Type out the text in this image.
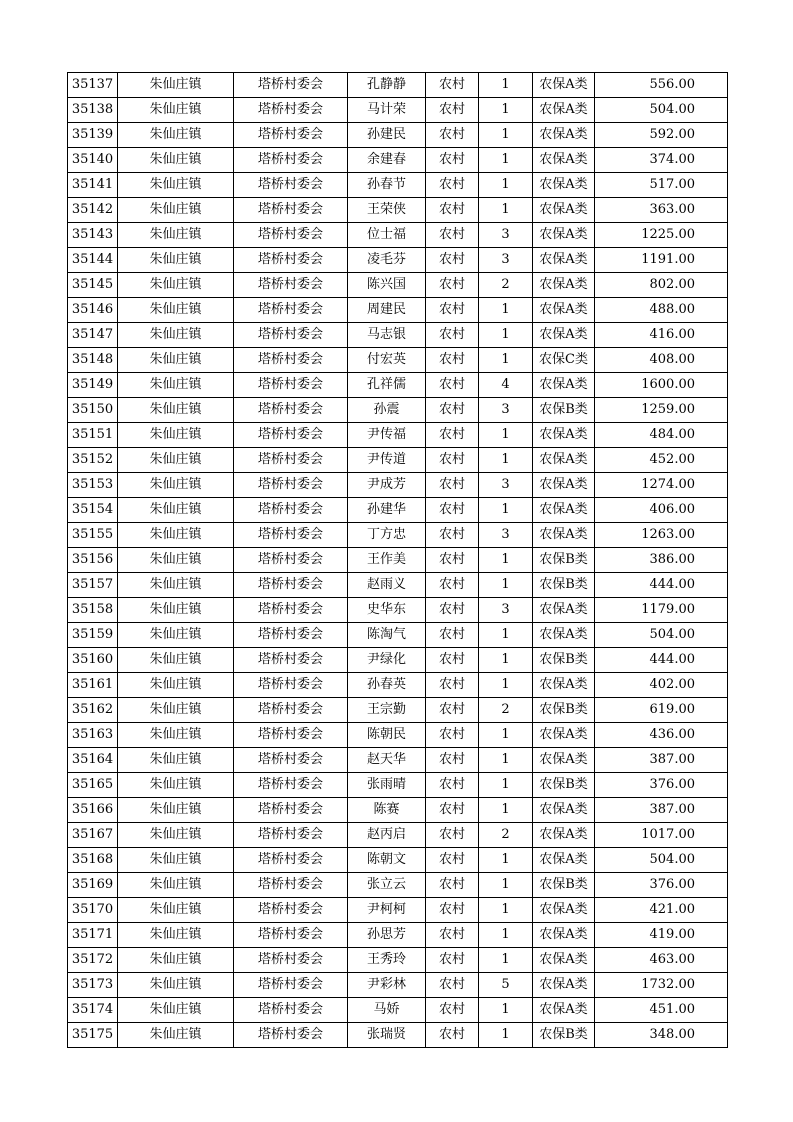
35137	朱仙庄镇	塔桥村委会	孔静静	农村	1	农保A类	556.00
35138	朱仙庄镇	塔桥村委会	马计荣	农村	1	农保A类	504.00
35139	朱仙庄镇	塔桥村委会	孙建民	农村	1	农保A类	592.00
35140	朱仙庄镇	塔桥村委会	余建春	农村	1	农保A类	374.00
35141	朱仙庄镇	塔桥村委会	孙春节	农村	1	农保A类	517.00
35142	朱仙庄镇	塔桥村委会	王荣侠	农村	1	农保A类	363.00
35143	朱仙庄镇	塔桥村委会	位士福	农村	3	农保A类	1225.00
35144	朱仙庄镇	塔桥村委会	凌毛芬	农村	3	农保A类	1191.00
35145	朱仙庄镇	塔桥村委会	陈兴国	农村	2	农保A类	802.00
35146	朱仙庄镇	塔桥村委会	周建民	农村	1	农保A类	488.00
35147	朱仙庄镇	塔桥村委会	马志银	农村	1	农保A类	416.00
35148	朱仙庄镇	塔桥村委会	付宏英	农村	1	农保C类	408.00
35149	朱仙庄镇	塔桥村委会	孔祥儒	农村	4	农保A类	1600.00
35150	朱仙庄镇	塔桥村委会	孙震	农村	3	农保B类	1259.00
35151	朱仙庄镇	塔桥村委会	尹传福	农村	1	农保A类	484.00
35152	朱仙庄镇	塔桥村委会	尹传道	农村	1	农保A类	452.00
35153	朱仙庄镇	塔桥村委会	尹成芳	农村	3	农保A类	1274.00
35154	朱仙庄镇	塔桥村委会	孙建华	农村	1	农保A类	406.00
35155	朱仙庄镇	塔桥村委会	丁方忠	农村	3	农保A类	1263.00
35156	朱仙庄镇	塔桥村委会	王作美	农村	1	农保B类	386.00
35157	朱仙庄镇	塔桥村委会	赵雨义	农村	1	农保B类	444.00
35158	朱仙庄镇	塔桥村委会	史华东	农村	3	农保A类	1179.00
35159	朱仙庄镇	塔桥村委会	陈淘气	农村	1	农保A类	504.00
35160	朱仙庄镇	塔桥村委会	尹绿化	农村	1	农保B类	444.00
35161	朱仙庄镇	塔桥村委会	孙春英	农村	1	农保A类	402.00
35162	朱仙庄镇	塔桥村委会	王宗勤	农村	2	农保B类	619.00
35163	朱仙庄镇	塔桥村委会	陈朝民	农村	1	农保A类	436.00
35164	朱仙庄镇	塔桥村委会	赵天华	农村	1	农保A类	387.00
35165	朱仙庄镇	塔桥村委会	张雨晴	农村	1	农保B类	376.00
35166	朱仙庄镇	塔桥村委会	陈赛	农村	1	农保A类	387.00
35167	朱仙庄镇	塔桥村委会	赵丙启	农村	2	农保A类	1017.00
35168	朱仙庄镇	塔桥村委会	陈朝文	农村	1	农保A类	504.00
35169	朱仙庄镇	塔桥村委会	张立云	农村	1	农保B类	376.00
35170	朱仙庄镇	塔桥村委会	尹柯柯	农村	1	农保A类	421.00
35171	朱仙庄镇	塔桥村委会	孙思芳	农村	1	农保A类	419.00
35172	朱仙庄镇	塔桥村委会	王秀玲	农村	1	农保A类	463.00
35173	朱仙庄镇	塔桥村委会	尹彩林	农村	5	农保A类	1732.00
35174	朱仙庄镇	塔桥村委会	马娇	农村	1	农保A类	451.00
35175	朱仙庄镇	塔桥村委会	张瑞贤	农村	1	农保B类	348.00
